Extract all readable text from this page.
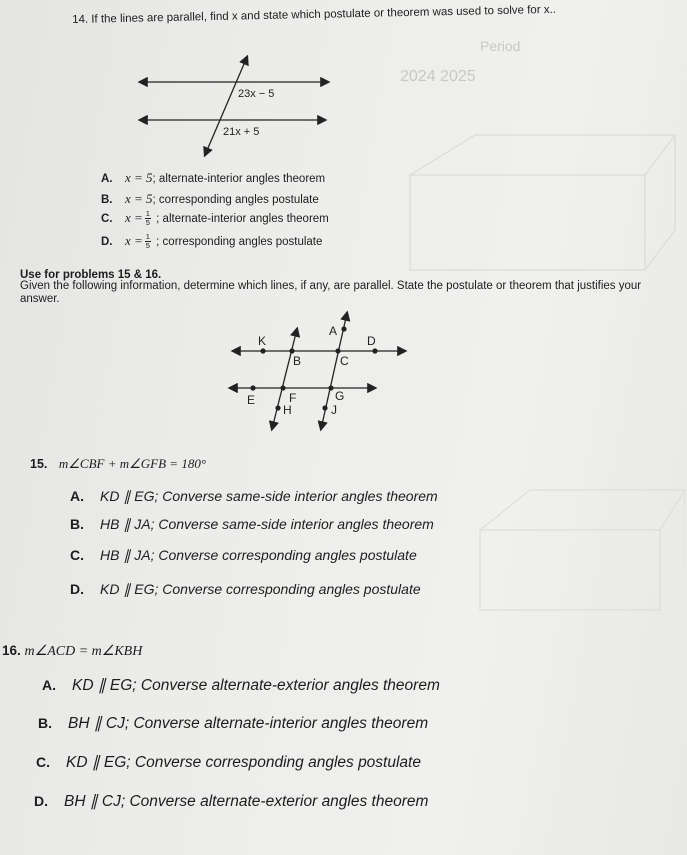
Period
2024 2025
14. If the lines are parallel, find x and state which postulate or theorem was used to solve for x..
23x − 5
21x + 5
A. x = 5; alternate-interior angles theorem
B. x = 5; corresponding angles postulate
C. $x = \frac{1}{5}$ ; alternate-interior angles theorem
D. $x = \frac{1}{5}$ ; corresponding angles postulate
Use for problems 15 & 16.
Given the following information, determine which lines, if any, are parallel. State the postulate or theorem that justifies your answer.
A
K	D
B	C
E	F	G
H	J
15. m∠CBF + m∠GFB = 180°
A. KD ∥ EG; Converse same-side interior angles theorem
B. HB ∥ JA; Converse same-side interior angles theorem
C. HB ∥ JA; Converse corresponding angles postulate
D. KD ∥ EG; Converse corresponding angles postulate
16. m∠ACD = m∠KBH
A. KD ∥ EG; Converse alternate-exterior angles theorem
B. BH ∥ CJ; Converse alternate-interior angles theorem
C. KD ∥ EG; Converse corresponding angles postulate
D. BH ∥ CJ; Converse alternate-exterior angles theorem
